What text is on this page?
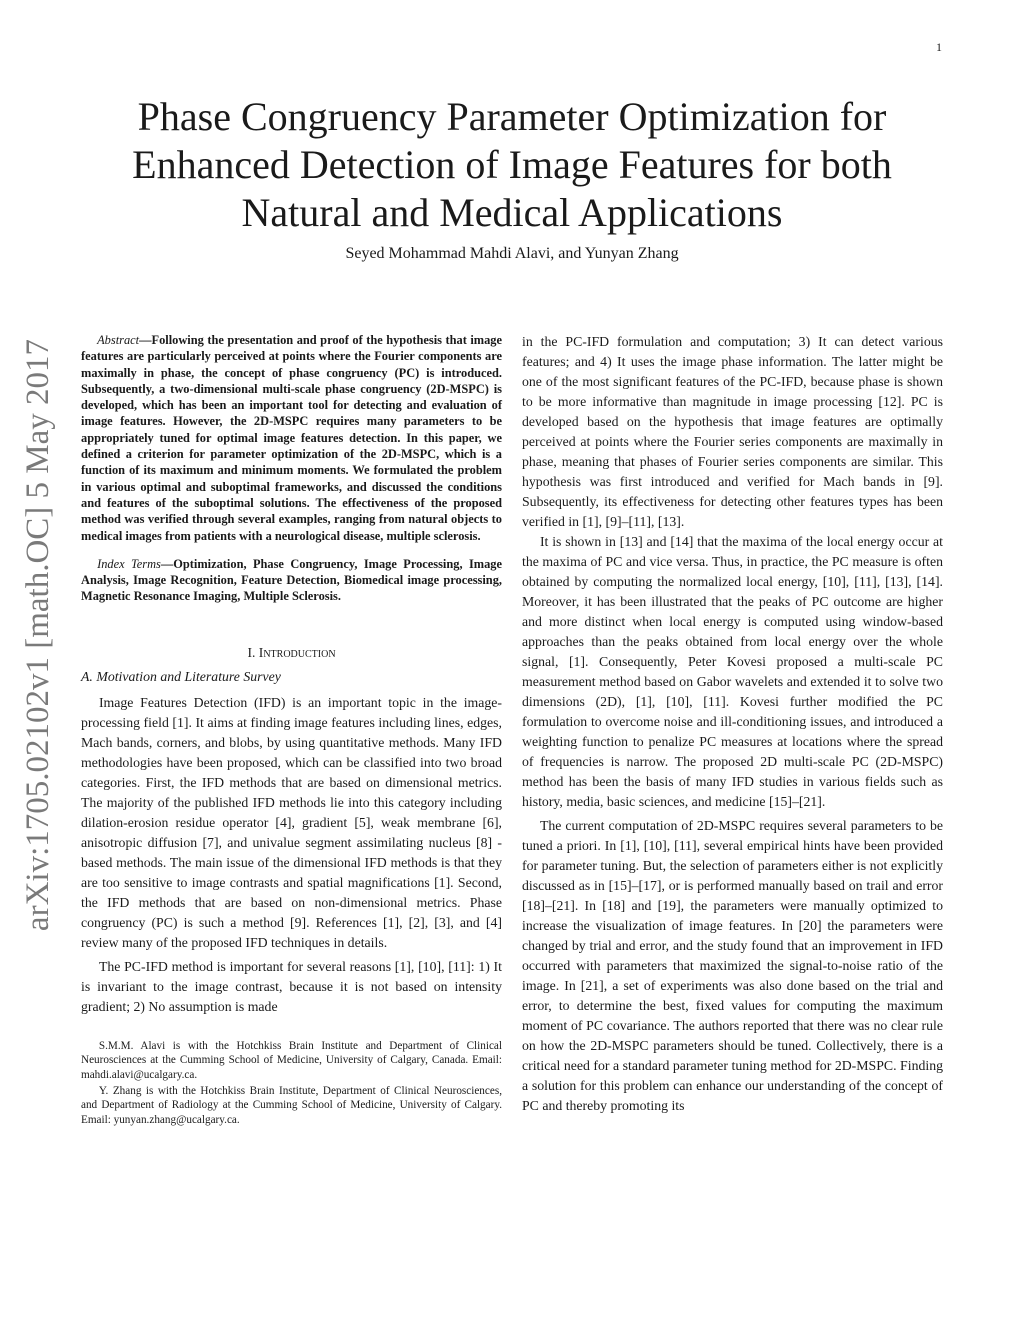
1
Phase Congruency Parameter Optimization for Enhanced Detection of Image Features for both Natural and Medical Applications
Seyed Mohammad Mahdi Alavi, and Yunyan Zhang
arXiv:1705.02102v1 [math.OC] 5 May 2017	Abstract—Following the presentation and proof of the hypothesis that image features are particularly perceived at points where the Fourier components are maximally in phase, the concept of phase congruency (PC) is introduced. Subsequently, a two-dimensional multi-scale phase congruency (2D-MSPC) is developed, which has been an important tool for detecting and evaluation of image features. However, the 2D-MSPC requires many parameters to be appropriately tuned for optimal image features detection. In this paper, we defined a criterion for parameter optimization of the 2D-MSPC, which is a function of its maximum and minimum moments. We formulated the problem in various optimal and suboptimal frameworks, and discussed the conditions and features of the suboptimal solutions. The effectiveness of the proposed method was verified through several examples, ranging from natural objects to medical images from patients with a neurological disease, multiple sclerosis.

Index Terms—Optimization, Phase Congruency, Image Processing, Image Analysis, Image Recognition, Feature Detection, Biomedical image processing, Magnetic Resonance Imaging, Multiple Sclerosis.

I. Introduction

A. Motivation and Literature Survey

Image Features Detection (IFD) is an important topic in the image-processing field [1]. It aims at finding image features including lines, edges, Mach bands, corners, and blobs, by using quantitative methods. Many IFD methodologies have been proposed, which can be classified into two broad categories. First, the IFD methods that are based on dimensional metrics. The majority of the published IFD methods lie into this category including dilation-erosion residue operator [4], gradient [5], weak membrane [6], anisotropic diffusion [7], and univalue segment assimilating nucleus [8] -based methods. The main issue of the dimensional IFD methods is that they are too sensitive to image contrasts and spatial magnifications [1]. Second, the IFD methods that are based on non-dimensional metrics. Phase congruency (PC) is such a method [9]. References [1], [2], [3], and [4] review many of the proposed IFD techniques in details.

The PC-IFD method is important for several reasons [1], [10], [11]: 1) It is invariant to the image contrast, because it is not based on intensity gradient; 2) No assumption is made

S.M.M. Alavi is with the Hotchkiss Brain Institute and Department of Clinical Neurosciences at the Cumming School of Medicine, University of Calgary, Canada. Email: mahdi.alavi@ucalgary.ca.

Y. Zhang is with the Hotchkiss Brain Institute, Department of Clinical Neurosciences, and Department of Radiology at the Cumming School of Medicine, University of Calgary. Email: yunyan.zhang@ucalgary.ca.

in the PC-IFD formulation and computation; 3) It can detect various features; and 4) It uses the image phase information. The latter might be one of the most significant features of the PC-IFD, because phase is shown to be more informative than magnitude in image processing [12]. PC is developed based on the hypothesis that image features are optimally perceived at points where the Fourier series components are maximally in phase, meaning that phases of Fourier series components are similar. This hypothesis was first introduced and verified for Mach bands in [9]. Subsequently, its effectiveness for detecting other features types has been verified in [1], [9]–[11], [13].

It is shown in [13] and [14] that the maxima of the local energy occur at the maxima of PC and vice versa. Thus, in practice, the PC measure is often obtained by computing the normalized local energy, [10], [11], [13], [14]. Moreover, it has been illustrated that the peaks of PC outcome are higher and more distinct when local energy is computed using window-based approaches than the peaks obtained from local energy over the whole signal, [1]. Consequently, Peter Kovesi proposed a multi-scale PC measurement method based on Gabor wavelets and extended it to solve two dimensions (2D), [1], [10], [11]. Kovesi further modified the PC formulation to overcome noise and ill-conditioning issues, and introduced a weighting function to penalize PC measures at locations where the spread of frequencies is narrow. The proposed 2D multi-scale PC (2D-MSPC) method has been the basis of many IFD studies in various fields such as history, media, basic sciences, and medicine [15]–[21].

The current computation of 2D-MSPC requires several parameters to be tuned a priori. In [1], [10], [11], several empirical hints have been provided for parameter tuning. But, the selection of parameters either is not explicitly discussed as in [15]–[17], or is performed manually based on trail and error [18]–[21]. In [18] and [19], the parameters were manually optimized to increase the visualization of image features. In [20] the parameters were changed by trial and error, and the study found that an improvement in IFD occurred with parameters that maximized the signal-to-noise ratio of the image. In [21], a set of experiments was also done based on the trial and error, to determine the best, fixed values for computing the maximum moment of PC covariance. The authors reported that there was no clear rule on how the 2D-MSPC parameters should be tuned. Collectively, there is a critical need for a standard parameter tuning method for 2D-MSPC. Finding a solution for this problem can enhance our understanding of the concept of PC and thereby promoting its
